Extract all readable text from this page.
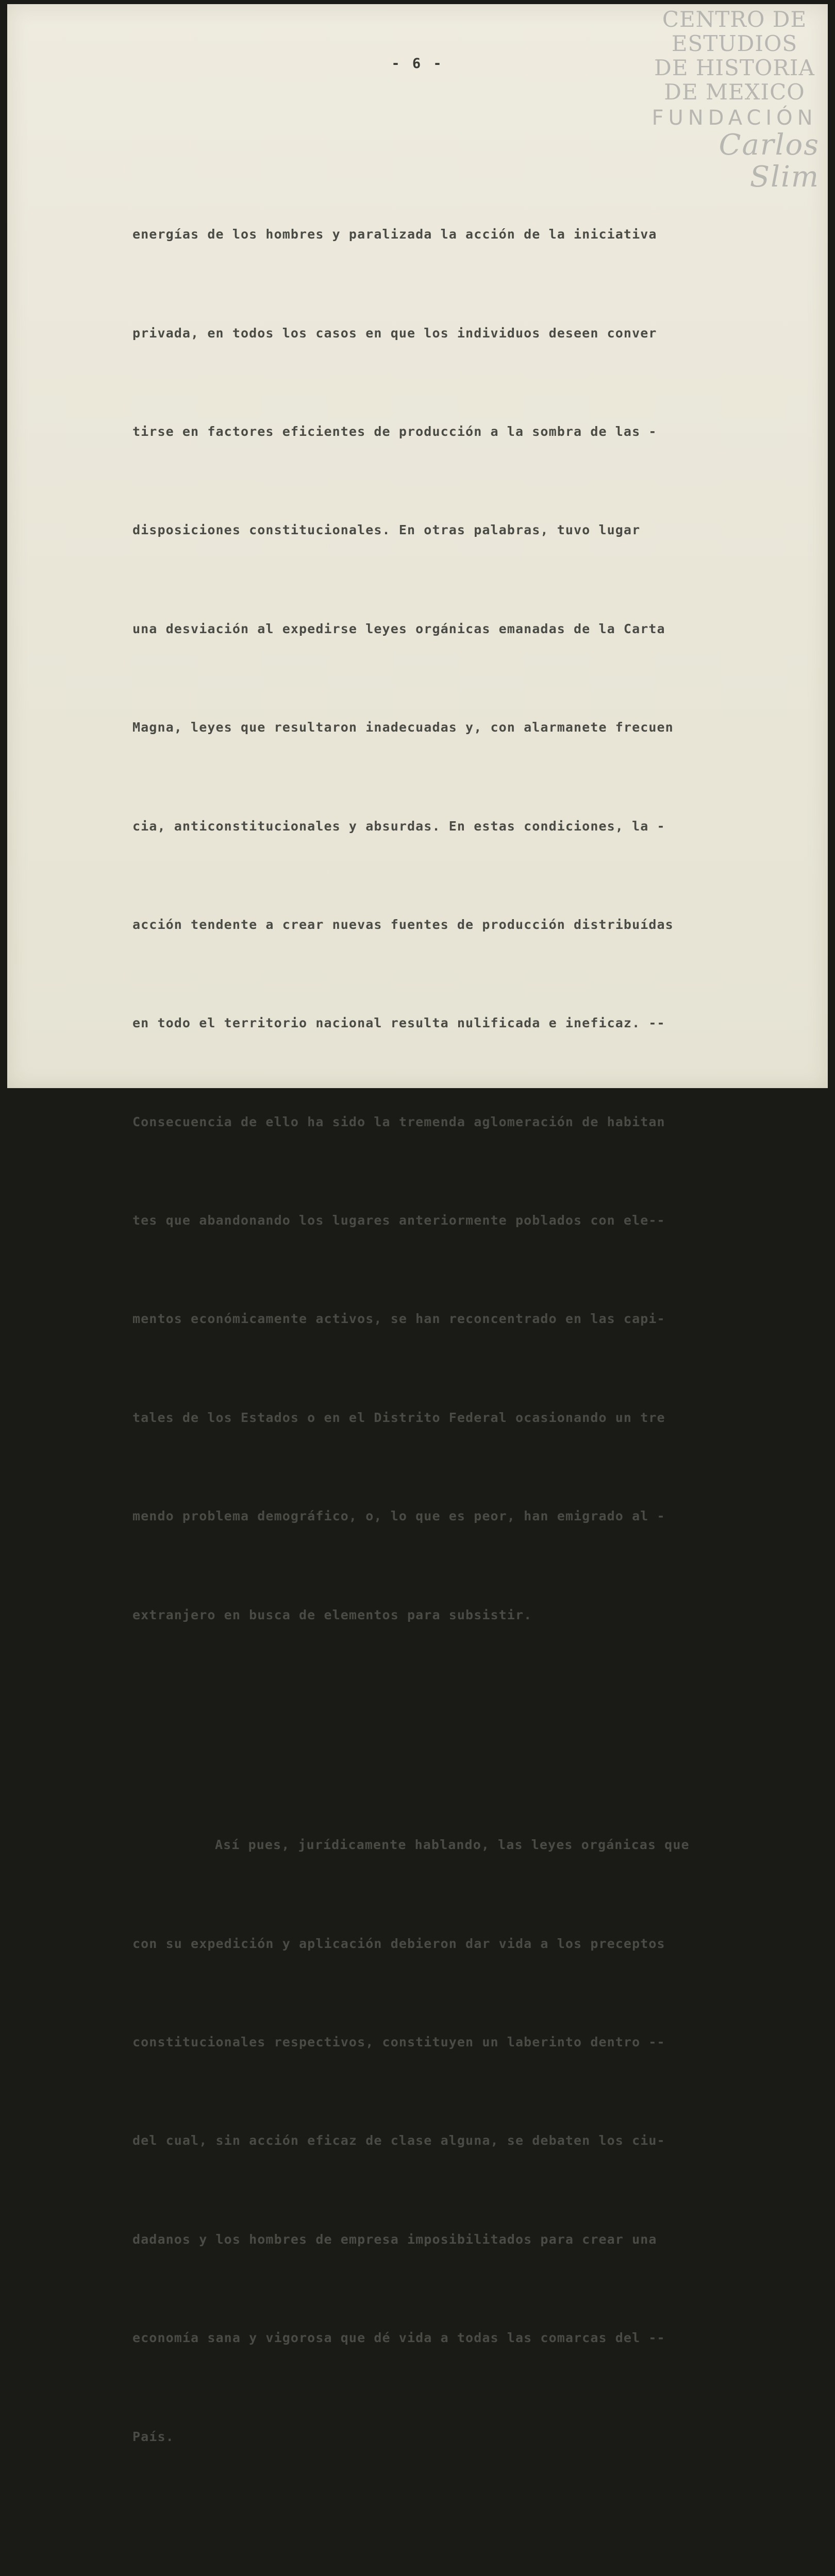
CENTRO DE
ESTUDIOS
DE HISTORIA
DE MEXICO
FUNDACIÓN
Carlos Slim
- 6 -

energías de los hombres y paralizada la acción de la iniciativa

privada, en todos los casos en que los individuos deseen conver

tirse en factores eficientes de producción a la sombra de las -

disposiciones constitucionales. En otras palabras, tuvo lugar

una desviación al expedirse leyes orgánicas emanadas de la Carta

Magna, leyes que resultaron inadecuadas y, con alarmanete frecuen

cia, anticonstitucionales y absurdas. En estas condiciones, la -

acción tendente a crear nuevas fuentes de producción distribuídas

en todo el territorio nacional resulta nulificada e ineficaz. --

Consecuencia de ello ha sido la tremenda aglomeración de habitan

tes que abandonando los lugares anteriormente poblados con ele--

mentos económicamente activos, se han reconcentrado en las capi-

tales de los Estados o en el Distrito Federal ocasionando un tre

mendo problema demográfico, o, lo que es peor, han emigrado al -

extranjero en busca de elementos para subsistir.

Así pues, jurídicamente hablando, las leyes orgánicas que

con su expedición y aplicación debieron dar vida a los preceptos

constitucionales respectivos, constituyen un laberinto dentro --

del cual, sin acción eficaz de clase alguna, se debaten los ciu-

dadanos y los hombres de empresa imposibilitados para crear una

economía sana y vigorosa que dé vida a todas las comarcas del --

País.
